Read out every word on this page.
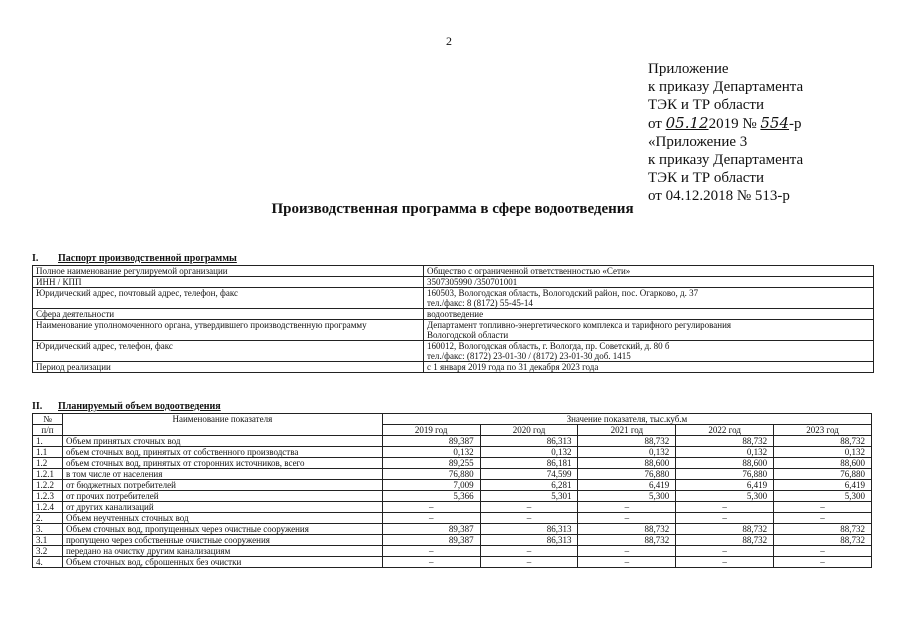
2
Приложение
к приказу Департамента
ТЭК и ТР области
от 05.122019 № 554-р
«Приложение 3
к приказу Департамента
ТЭК и ТР области
от 04.12.2018 № 513-р
Производственная программа в сфере водоотведения
I. Паспорт производственной программы
Полное наименование регулируемой организации	Общество с ограниченной ответственностью «Сети»

ИНН / КПП	3507305990 /350701001

Юридический адрес, почтовый адрес, телефон, факс	160503, Вологодская область, Вологодский район, пос. Огарково, д. 37
тел./факс: 8 (8172) 55-45-14

Сфера деятельности	водоотведение

Наименование уполномоченного органа, утвердившего производственную программу	Департамент топливно-энергетического комплекса и тарифного регулирования
Вологодской области

Юридический адрес, телефон, факс	160012, Вологодская область, г. Вологда, пр. Советский, д. 80 б
тел./факс: (8172) 23-01-30 / (8172) 23-01-30 доб. 1415

Период реализации	с 1 января 2019 года по 31 декабря 2023 года
II. Планируемый объем водоотведения
№	Наименование показателя	Значение показателя, тыс.куб.м				
п/п		2019 год	2020 год	2021 год	2022 год	2023 год
1.	Объем принятых сточных вод	89,387	86,313	88,732	88,732	88,732
1.1	объем сточных вод, принятых от собственного производства	0,132	0,132	0,132	0,132	0,132
1.2	объем сточных вод, принятых от сторонних источников, всего	89,255	86,181	88,600	88,600	88,600
1.2.1	в том числе от населения	76,880	74,599	76,880	76,880	76,880
1.2.2	от бюджетных потребителей	7,009	6,281	6,419	6,419	6,419
1.2.3	от прочих потребителей	5,366	5,301	5,300	5,300	5,300
1.2.4	от других канализаций	–	–	–	–	–
2.	Объем неучтенных сточных вод	–	–	–	–	–
3.	Объем сточных вод, пропущенных через очистные сооружения	89,387	86,313	88,732	88,732	88,732
3.1	пропущено через собственные очистные сооружения	89,387	86,313	88,732	88,732	88,732
3.2	передано на очистку другим канализациям	–	–	–	–	–
4.	Объем сточных вод, сброшенных без очистки	–	–	–	–	–
